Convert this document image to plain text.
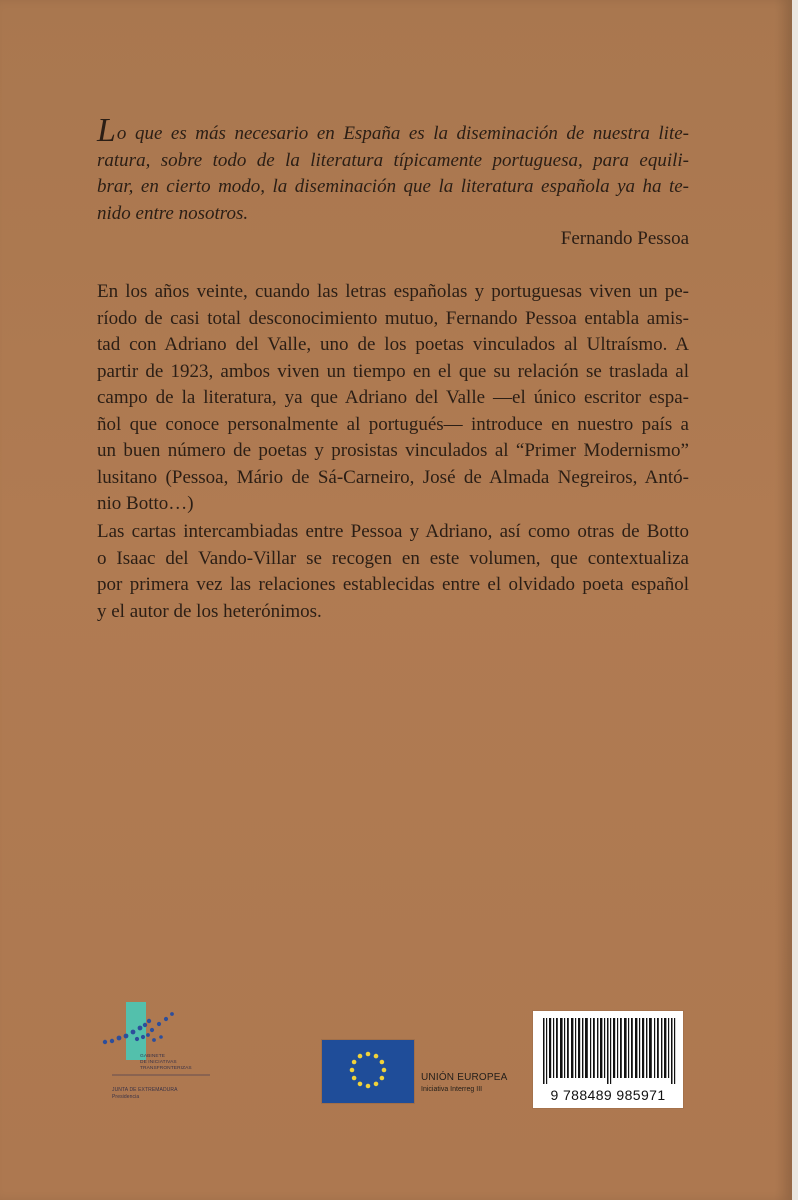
Lo que es más necesario en España es la diseminación de nuestra lite-
ratura, sobre todo de la literatura típicamente portuguesa, para equili-
brar, en cierto modo, la diseminación que la literatura española ya ha te-
nido entre nosotros.
Fernando Pessoa
En los años veinte, cuando las letras españolas y portuguesas viven un pe-
ríodo de casi total desconocimiento mutuo, Fernando Pessoa entabla amis-
tad con Adriano del Valle, uno de los poetas vinculados al Ultraísmo. A
partir de 1923, ambos viven un tiempo en el que su relación se traslada al
campo de la literatura, ya que Adriano del Valle —el único escritor espa-
ñol que conoce personalmente al portugués— introduce en nuestro país a
un buen número de poetas y prosistas vinculados al “Primer Modernismo”
lusitano (Pessoa, Mário de Sá-Carneiro, José de Almada Negreiros, Antó-
nio Botto…)
Las cartas intercambiadas entre Pessoa y Adriano, así como otras de Botto
o Isaac del Vando-Villar se recogen en este volumen, que contextualiza
por primera vez las relaciones establecidas entre el olvidado poeta español
y el autor de los heterónimos.
GABINETE
DE INICIATIVAS
TRANSFRONTERIZAS
JUNTA DE EXTREMADURA
Presidencia
UNIÓN EUROPEA
Iniciativa Interreg III	9 788489 985971
